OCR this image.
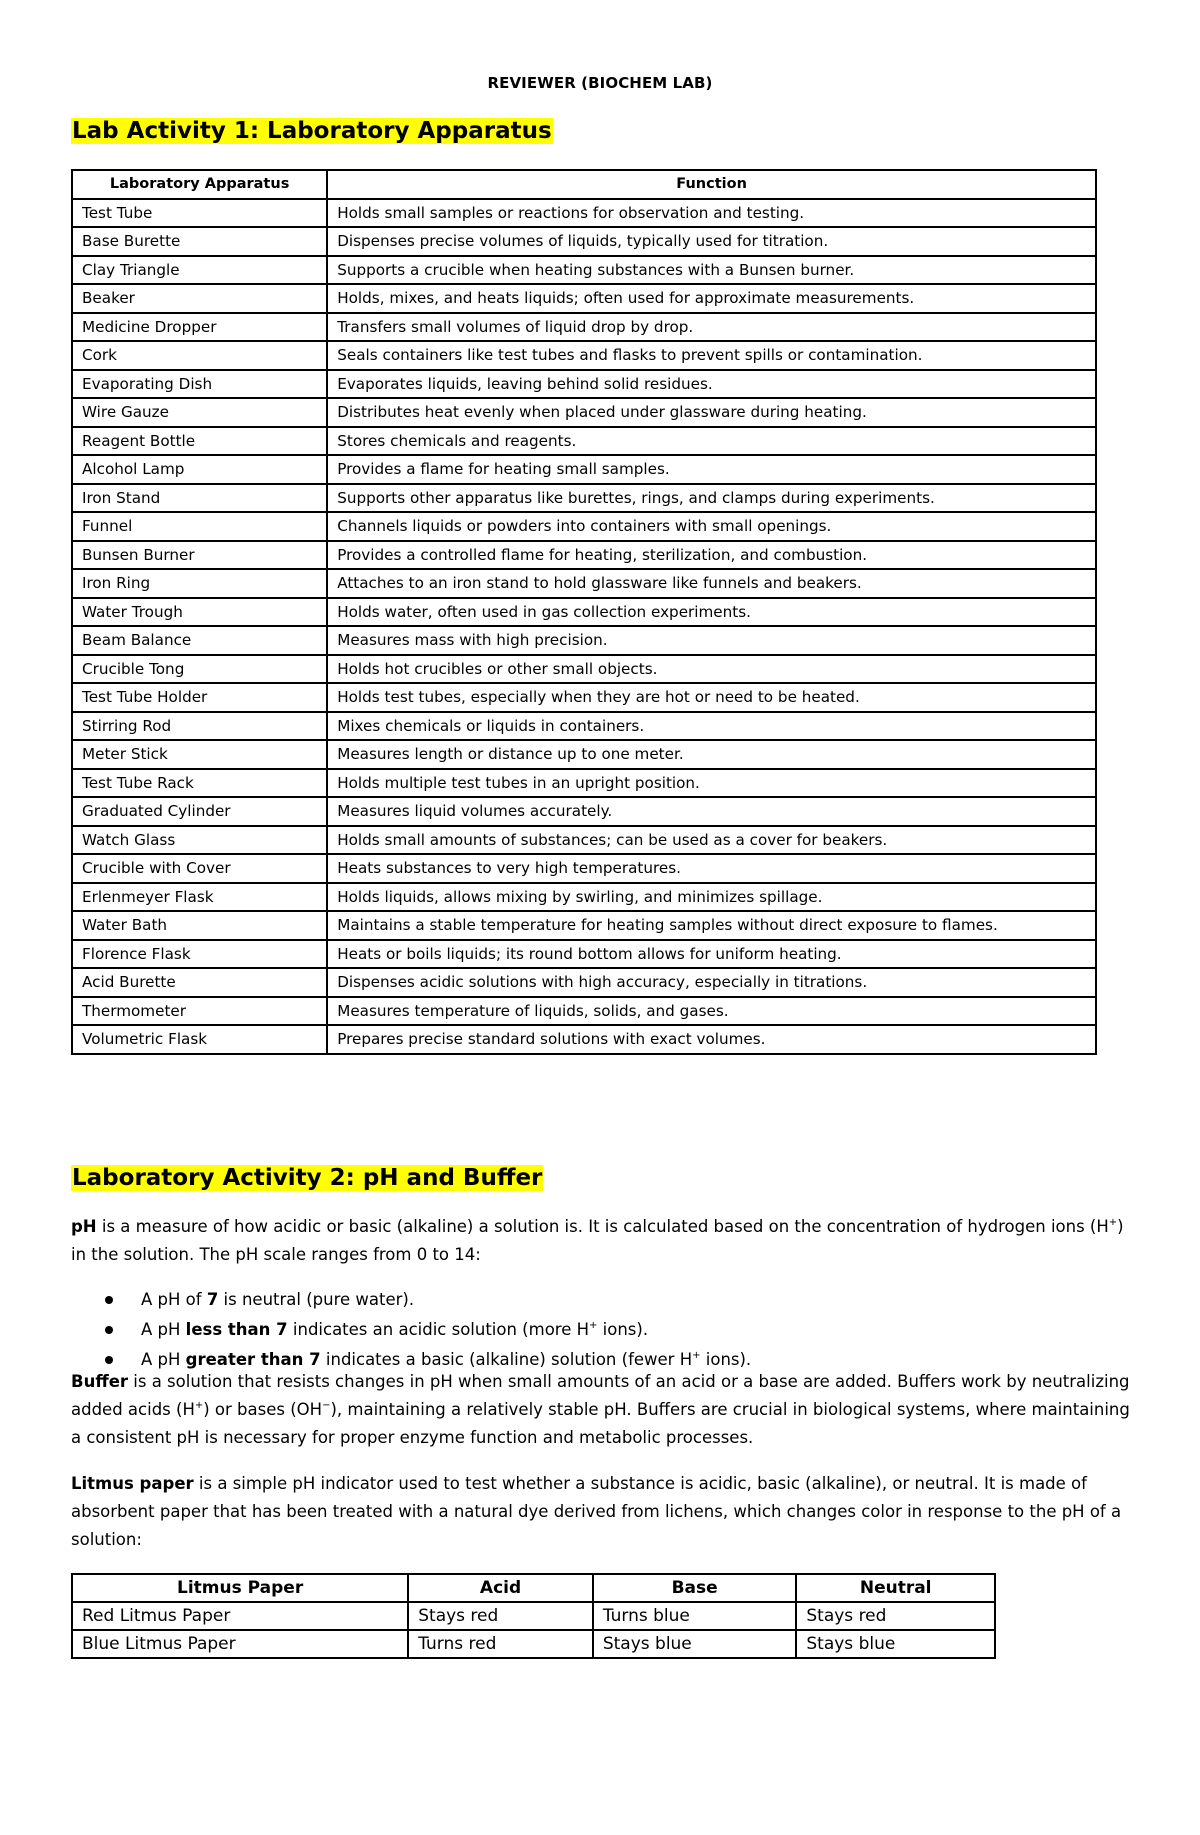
REVIEWER (BIOCHEM LAB)
Lab Activity 1: Laboratory Apparatus
Laboratory Apparatus	Function
Test Tube	Holds small samples or reactions for observation and testing.
Base Burette	Dispenses precise volumes of liquids, typically used for titration.
Clay Triangle	Supports a crucible when heating substances with a Bunsen burner.
Beaker	Holds, mixes, and heats liquids; often used for approximate measurements.
Medicine Dropper	Transfers small volumes of liquid drop by drop.
Cork	Seals containers like test tubes and flasks to prevent spills or contamination.
Evaporating Dish	Evaporates liquids, leaving behind solid residues.
Wire Gauze	Distributes heat evenly when placed under glassware during heating.
Reagent Bottle	Stores chemicals and reagents.
Alcohol Lamp	Provides a flame for heating small samples.
Iron Stand	Supports other apparatus like burettes, rings, and clamps during experiments.
Funnel	Channels liquids or powders into containers with small openings.
Bunsen Burner	Provides a controlled flame for heating, sterilization, and combustion.
Iron Ring	Attaches to an iron stand to hold glassware like funnels and beakers.
Water Trough	Holds water, often used in gas collection experiments.
Beam Balance	Measures mass with high precision.
Crucible Tong	Holds hot crucibles or other small objects.
Test Tube Holder	Holds test tubes, especially when they are hot or need to be heated.
Stirring Rod	Mixes chemicals or liquids in containers.
Meter Stick	Measures length or distance up to one meter.
Test Tube Rack	Holds multiple test tubes in an upright position.
Graduated Cylinder	Measures liquid volumes accurately.
Watch Glass	Holds small amounts of substances; can be used as a cover for beakers.
Crucible with Cover	Heats substances to very high temperatures.
Erlenmeyer Flask	Holds liquids, allows mixing by swirling, and minimizes spillage.
Water Bath	Maintains a stable temperature for heating samples without direct exposure to flames.
Florence Flask	Heats or boils liquids; its round bottom allows for uniform heating.
Acid Burette	Dispenses acidic solutions with high accuracy, especially in titrations.
Thermometer	Measures temperature of liquids, solids, and gases.
Volumetric Flask	Prepares precise standard solutions with exact volumes.
Laboratory Activity 2: pH and Buffer
pH is a measure of how acidic or basic (alkaline) a solution is. It is calculated based on the concentration of hydrogen ions (H+) in the solution. The pH scale ranges from 0 to 14:
A pH of 7 is neutral (pure water).
A pH less than 7 indicates an acidic solution (more H+ ions).
A pH greater than 7 indicates a basic (alkaline) solution (fewer H+ ions).
Buffer is a solution that resists changes in pH when small amounts of an acid or a base are added. Buffers work by neutralizing added acids (H+) or bases (OH−), maintaining a relatively stable pH. Buffers are crucial in biological systems, where maintaining a consistent pH is necessary for proper enzyme function and metabolic processes.
Litmus paper is a simple pH indicator used to test whether a substance is acidic, basic (alkaline), or neutral. It is made of absorbent paper that has been treated with a natural dye derived from lichens, which changes color in response to the pH of a solution:
Litmus Paper	Acid	Base	Neutral
Red Litmus Paper	Stays red	Turns blue	Stays red
Blue Litmus Paper	Turns red	Stays blue	Stays blue
